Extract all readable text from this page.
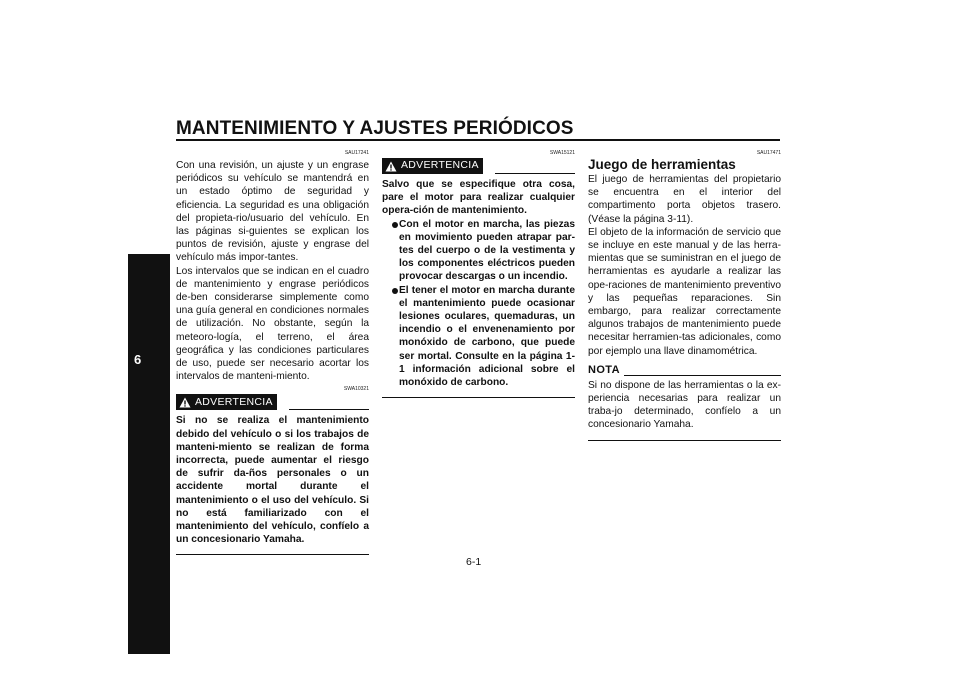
MANTENIMIENTO Y AJUSTES PERIÓDICOS
6
SAU17241

Con una revisión, un ajuste y un engrase periódicos su vehículo se mantendrá en un estado óptimo de seguridad y eficiencia. La seguridad es una obligación del propieta-rio/usuario del vehículo. En las páginas si-guientes se explican los puntos de revisión, ajuste y engrase del vehículo más impor-tantes.

Los intervalos que se indican en el cuadro de mantenimiento y engrase periódicos de-ben considerarse simplemente como una guía general en condiciones normales de utilización. No obstante, según la meteoro-logía, el terreno, el área geográfica y las condiciones particulares de uso, puede ser necesario acortar los intervalos de manteni-miento.

SWA10321
ADVERTENCIA

Si no se realiza el mantenimiento debido del vehículo o si los trabajos de manteni-miento se realizan de forma incorrecta, puede aumentar el riesgo de sufrir da-ños personales o un accidente mortal durante el mantenimiento o el uso del vehículo. Si no está familiarizado con el mantenimiento del vehículo, confíelo a un concesionario Yamaha.

SWA15121
ADVERTENCIA

Salvo que se especifique otra cosa, pare el motor para realizar cualquier opera-ción de mantenimiento.

Con el motor en marcha, las piezas en movimiento pueden atrapar par-tes del cuerpo o de la vestimenta y los componentes eléctricos pueden provocar descargas o un incendio.
El tener el motor en marcha durante el mantenimiento puede ocasionar lesiones oculares, quemaduras, un incendio o el envenenamiento por monóxido de carbono, que puede ser mortal. Consulte en la página 1-1 información adicional sobre el monóxido de carbono.
SAU17471
Juego de herramientas

El juego de herramientas del propietario se encuentra en el interior del compartimento porta objetos trasero. (Véase la página 3-11).

El objeto de la información de servicio que se incluye en este manual y de las herra-mientas que se suministran en el juego de herramientas es ayudarle a realizar las ope-raciones de mantenimiento preventivo y las pequeñas reparaciones. Sin embargo, para realizar correctamente algunos trabajos de mantenimiento puede necesitar herramien-tas adicionales, como por ejemplo una llave dinamométrica.

NOTA

Si no dispone de las herramientas o la ex-periencia necesarias para realizar un traba-jo determinado, confíelo a un concesionario Yamaha.

6-1
